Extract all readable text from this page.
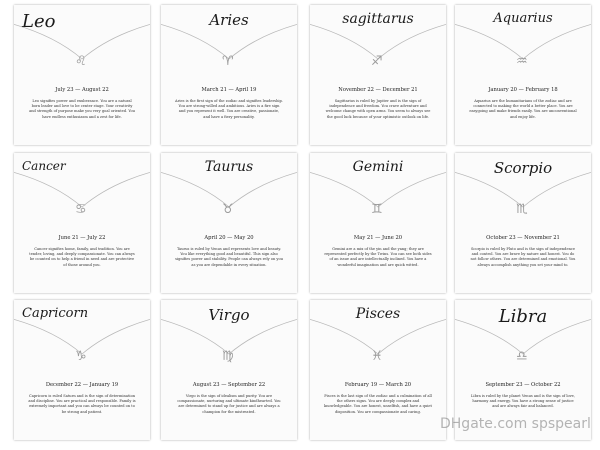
Leo
♌
July 23 — August 22
Leo signifies power and exuberance. You are a natural born leader and love to be center stage. Your creativity and strength of purpose make you very goal oriented. You have endless enthusiasm and a zest for life.
Aries
♈
March 21 — April 19
Aries is the first sign of the zodiac and signifies leadership. You are strong-willed and ambitious. Aries is a fire sign and you represent it well. You are creative, passionate, and have a fiery personality.
sagittarus
♐
November 22 — December 21
Sagittarius is ruled by Jupiter and is the sign of independence and freedom. You crave adventure and welcome change with open arms. You seem to always see the good luck because of your optimistic outlook on life.
Aquarius
♒
January 20 — February 18
Aquarius are the humanitarians of the zodiac and are connected to making the world a better place. You are easygoing and make friends easily. You are unconventional and enjoy life.
Cancer
♋
June 21 — July 22
Cancer signifies home, family, and tradition. You are tender, loving, and deeply compassionate. You can always be counted on to help a friend in need and are protective of those around you.
Taurus
♉
April 20 — May 20
Taurus is ruled by Venus and represents love and beauty. You like everything good and beautiful. This sign also signifies power and stability. People can always rely on you as you are dependable in every situation.
Gemini
♊
May 21 — June 20
Gemini are a mix of the yin and the yang; they are represented perfectly by the Twins. You can see both sides of an issue and are intellectually inclined. You have a wonderful imagination and are quick witted.
Scorpio
♏
October 23 — November 21
Scorpio is ruled by Pluto and is the sign of independence and control. You are brave by nature and honest. You do not follow others. You are determined and emotional. You always accomplish anything you set your mind to.
Capricorn
♑
December 22 — January 19
Capricorn is ruled Saturn and is the sign of determination and discipline. You are practical and responsible. Family is extremely important and you can always be counted on to be strong and patient.
Virgo
♍
August 23 — September 22
Virgo is the sign of idealism and purity. You are compassionate, nurturing and ultimate kindhearted. You are determined to stand up for justice and are always a champion for the mistreated.
Pisces
♓
February 19 — March 20
Pisces is the last sign of the zodiac and a culmination of all the others signs. You are deeply complex and knowledgeable. You are honest, unselfish, and have a quiet disposition. You are compassionate and caring.
Libra
♎
September 23 — October 22
Libra is ruled by the planet Venus and is the sign of love, harmony and energy. You have a strong sense of justice and are always fair and balanced.
DHgate.com spspearl
